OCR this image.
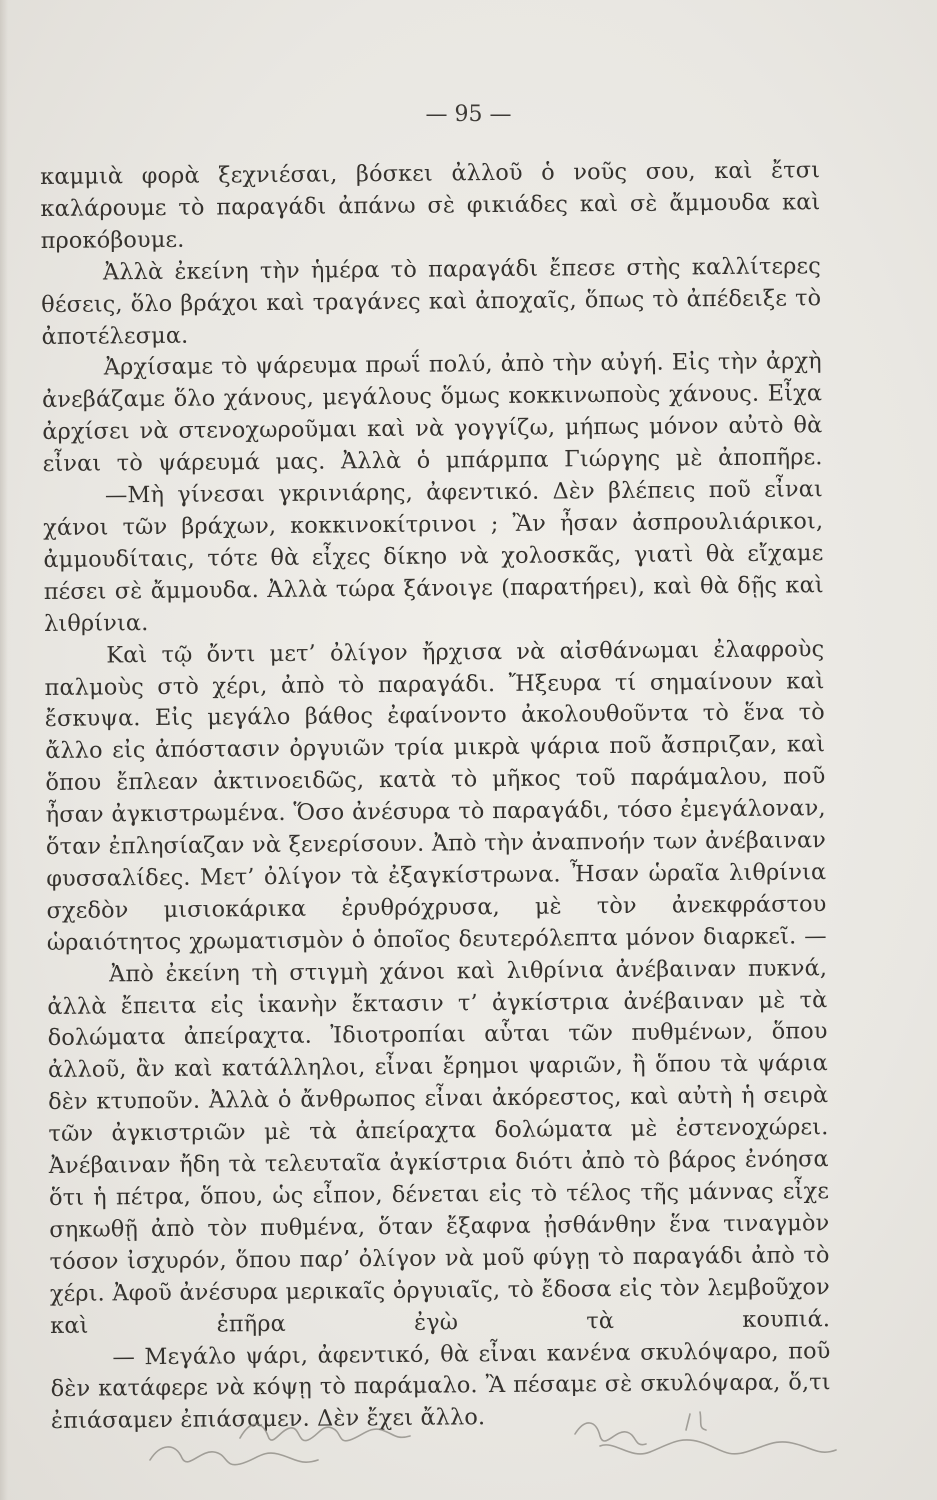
— 95 —

καμμιὰ φορὰ ξεχνιέσαι, βόσκει ἀλλοῦ ὁ νοῦς σου, καὶ ἔτσι καλάρουμε τὸ παραγάδι ἀπάνω σὲ φικιάδες καὶ σὲ ἄμμουδα καὶ προκόβουμε.

Ἀλλὰ ἐκείνη τὴν ἡμέρα τὸ παραγάδι ἔπεσε στὴς καλλίτερες θέσεις, ὅλο βράχοι καὶ τραγάνες καὶ ἀποχαῖς, ὅπως τὸ ἀπέδειξε τὸ ἀποτέλεσμα.

Ἀρχίσαμε τὸ ψάρευμα πρωΐ πολύ, ἀπὸ τὴν αὐγή. Εἰς τὴν ἀρχὴ ἀνεβάζαμε ὅλο χάνους, μεγάλους ὅμως κοκκινωποὺς χάνους. Εἶχα ἀρχίσει νὰ στενοχωροῦμαι καὶ νὰ γογγίζω, μήπως μόνον αὐτὸ θὰ εἶναι τὸ ψάρευμά μας. Ἀλλὰ ὁ μπάρμπα Γιώργης μὲ ἀποπῆρε.

—Μὴ γίνεσαι γκρινιάρης, ἀφεντικό. Δὲν βλέπεις ποῦ εἶναι χάνοι τῶν βράχων, κοκκινοκίτρινοι ; Ἂν ἦσαν ἀσπρουλιάρικοι, ἀμμουδίταις, τότε θὰ εἶχες δίκηο νὰ χολοσκᾶς, γιατὶ θὰ εἴχαμε πέσει σὲ ἄμμουδα. Ἀλλὰ τώρα ξάνοιγε (παρατήρει), καὶ θὰ δῇς καὶ λιθρίνια.

Καὶ τῷ ὄντι μετ’ ὀλίγον ἤρχισα νὰ αἰσθάνωμαι ἐλαφροὺς παλμοὺς στὸ χέρι, ἀπὸ τὸ παραγάδι. Ἤξευρα τί σημαίνουν καὶ ἔσκυψα. Εἰς μεγάλο βάθος ἐφαίνοντο ἀκολουθοῦντα τὸ ἕνα τὸ ἄλλο εἰς ἀπόστασιν ὀργυιῶν τρία μικρὰ ψάρια ποῦ ἄσπριζαν, καὶ ὅπου ἔπλεαν ἀκτινοειδῶς, κατὰ τὸ μῆκος τοῦ παράμαλου, ποῦ ἦσαν ἀγκιστρωμένα. Ὅσο ἀνέσυρα τὸ παραγάδι, τόσο ἐμεγάλοναν, ὅταν ἐπλησίαζαν νὰ ξενερίσουν. Ἀπὸ τὴν ἀναπνοήν των ἀνέβαιναν φυσσαλίδες. Μετ’ ὀλίγον τὰ ἐξαγκίστρωνα. Ἦσαν ὡραῖα λιθρίνια σχεδὸν μισιοκάρικα ἐρυθρόχρυσα, μὲ τὸν ἀνεκφράστου ὡραιότητος χρωματισμὸν ὁ ὁποῖος δευτερόλεπτα μόνον διαρκεῖ. —

Ἀπὸ ἐκείνη τὴ στιγμὴ χάνοι καὶ λιθρίνια ἀνέβαιναν πυκνά, ἀλλὰ ἔπειτα εἰς ἱκανὴν ἔκτασιν τ’ ἀγκίστρια ἀνέβαιναν μὲ τὰ δολώματα ἀπείραχτα. Ἰδιοτροπίαι αὗται τῶν πυθμένων, ὅπου ἀλλοῦ, ἂν καὶ κατάλληλοι, εἶναι ἔρημοι ψαριῶν, ἢ ὅπου τὰ ψάρια δὲν κτυποῦν. Ἀλλὰ ὁ ἄνθρωπος εἶναι ἀκόρεστος, καὶ αὐτὴ ἡ σειρὰ τῶν ἀγκιστριῶν μὲ τὰ ἀπείραχτα δολώματα μὲ ἐστενοχώρει. Ἀνέβαιναν ἤδη τὰ τελευταῖα ἀγκίστρια διότι ἀπὸ τὸ βάρος ἐνόησα ὅτι ἡ πέτρα, ὅπου, ὡς εἶπον, δένεται εἰς τὸ τέλος τῆς μάννας εἶχε σηκωθῇ ἀπὸ τὸν πυθμένα, ὅταν ἔξαφνα ᾐσθάνθην ἕνα τιναγμὸν τόσον ἰσχυρόν, ὅπου παρ’ ὀλίγον νὰ μοῦ φύγῃ τὸ παραγάδι ἀπὸ τὸ χέρι. Ἀφοῦ ἀνέσυρα μερικαῖς ὀργυιαῖς, τὸ ἔδοσα εἰς τὸν λεμβοῦχον καὶ ἐπῆρα ἐγὼ τὰ κουπιά.

— Μεγάλο ψάρι, ἀφεντικό, θὰ εἶναι κανένα σκυλόψαρο, ποῦ δὲν κατάφερε νὰ κόψῃ τὸ παράμαλο. Ἂ πέσαμε σὲ σκυλόψαρα, ὅ,τι ἐπιάσαμεν ἐπιάσαμεν. Δὲν ἔχει ἄλλο.
